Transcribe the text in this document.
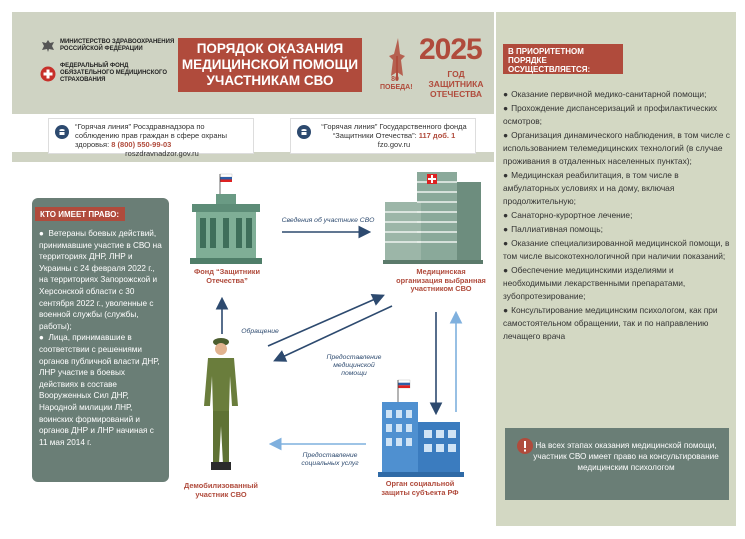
МИНИСТЕРСТВО ЗДРАВООХРАНЕНИЯ РОССИЙСКОЙ ФЕДЕРАЦИИ
ФЕДЕРАЛЬНЫЙ ФОНД ОБЯЗАТЕЛЬНОГО МЕДИЦИНСКОГО СТРАХОВАНИЯ
ПОРЯДОК ОКАЗАНИЯ МЕДИЦИНСКОЙ ПОМОЩИ УЧАСТНИКАМ СВО	80 ПОБЕДА!
2025
ГОД ЗАЩИТНИКА ОТЕЧЕСТВА
“Горячая линия” Росздравнадзора по соблюдению прав граждан в сфере охраны здоровья: 8 (800) 550-99-03
roszdravnadzor.gov.ru
“Горячая линия” Государственного фонда “Защитники Отечества”: 117 доб. 1
fzo.gov.ru

●  Ветераны боевых действий, принимавшие участие в СВО на территориях ДНР, ЛНР и Украины с 24 февраля 2022 г., на территориях Запорожской и Херсонской области с 30 сентября 2022 г., уволенные с военной службы (службы, работы);

●  Лица, принимавшие в соответствии с решениями органов публичной власти ДНР, ЛНР участие в боевых действиях в составе Вооруженных Сил ДНР, Народной милиции ЛНР, воинских формирований и органов ДНР и ЛНР начиная с 11 мая 2014 г.

КТО ИМЕЕТ ПРАВО:
Фонд “Защитники Отечества”
Медицинская организация выбранная участником СВО
Демобилизованный участник СВО
Орган социальной защиты субъекта РФ
Сведения об участнике СВО
Обращение
Предоставление медицинской помощи
Предоставление социальных услуг
В ПРИОРИТЕТНОМ ПОРЯДКЕ ОСУЩЕСТВЛЯЕТСЯ:
● Оказание первичной медико-санитарной помощи;
● Прохождение диспансеризаций и профилактических осмотров;
● Организация динамического наблюдения, в том числе с использованием телемедицинских технологий (в случае проживания в отдаленных населенных пунктах);
● Медицинская реабилитация, в том числе в амбулаторных условиях и на дому, включая продолжительную;
● Санаторно-курортное лечение;
● Паллиативная помощь;
● Оказание специализированной медицинской помощи, в том числе высокотехнологичной при наличии показаний;
● Обеспечение медицинскими изделиями и необходимыми лекарственными препаратами, зубопротезирование;
● Консультирование медицинским психологом, как при самостоятельном обращении, так и по направлению лечащего врача
На всех этапах оказания медицинской помощи, участник СВО имеет право на консультирование медицинским психологом
